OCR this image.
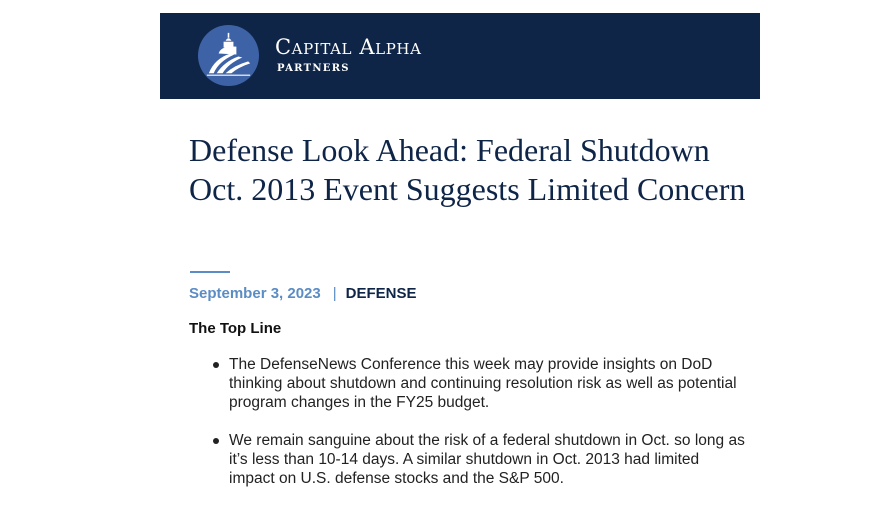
Capital Alpha
PARTNERS
Defense Look Ahead: Federal Shutdown Oct. 2013 Event Suggests Limited Concern
September 3, 2023 | DEFENSE
The Top Line
The DefenseNews Conference this week may provide insights on DoD thinking about shutdown and continuing resolution risk as well as potential program changes in the FY25 budget.
We remain sanguine about the risk of a federal shutdown in Oct. so long as it’s less than 10-14 days. A similar shutdown in Oct. 2013 had limited impact on U.S. defense stocks and the S&P 500.
